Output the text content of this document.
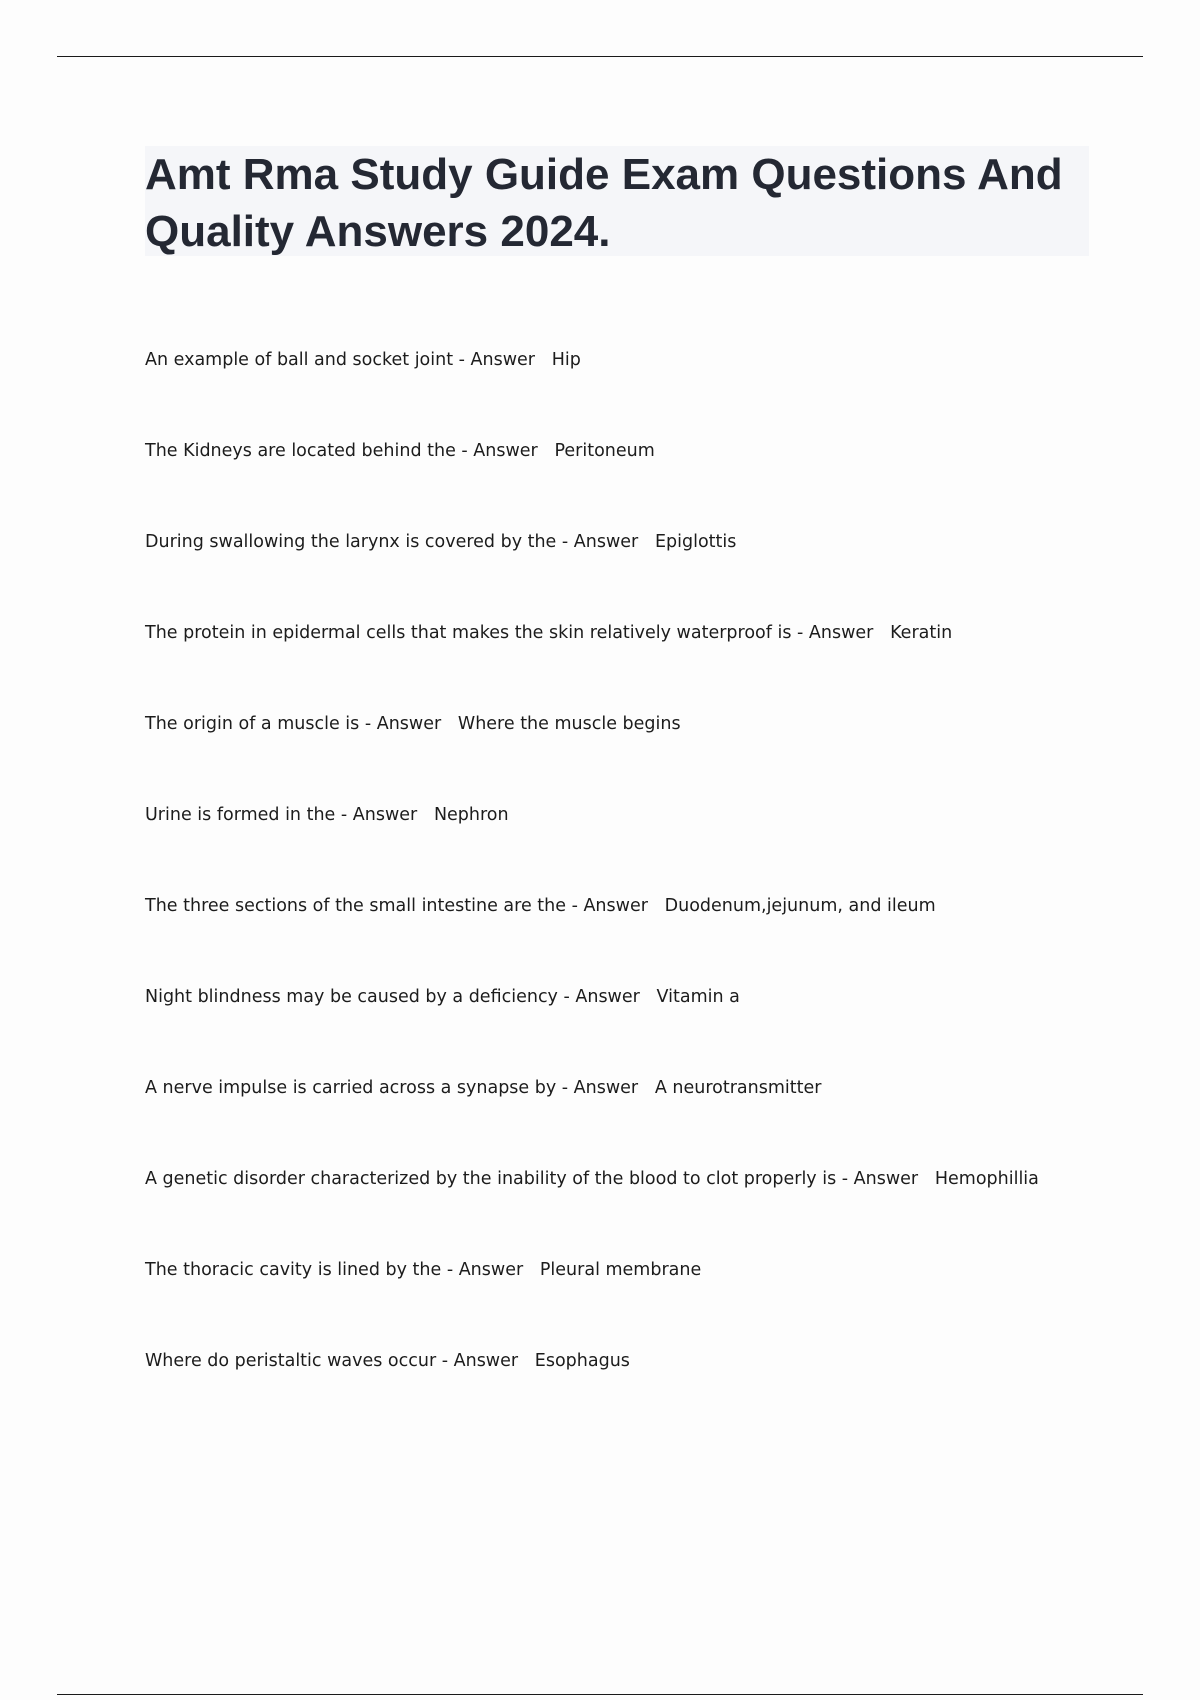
Amt Rma Study Guide Exam Questions And Quality Answers 2024.
An example of ball and socket joint - Answer Hip
The Kidneys are located behind the - Answer Peritoneum
During swallowing the larynx is covered by the - Answer Epiglottis
The protein in epidermal cells that makes the skin relatively waterproof is - Answer Keratin
The origin of a muscle is - Answer Where the muscle begins
Urine is formed in the - Answer Nephron
The three sections of the small intestine are the - Answer Duodenum,jejunum, and ileum
Night blindness may be caused by a deficiency - Answer Vitamin a
A nerve impulse is carried across a synapse by - Answer A neurotransmitter
A genetic disorder characterized by the inability of the blood to clot properly is - Answer Hemophillia
The thoracic cavity is lined by the - Answer Pleural membrane
Where do peristaltic waves occur - Answer Esophagus
